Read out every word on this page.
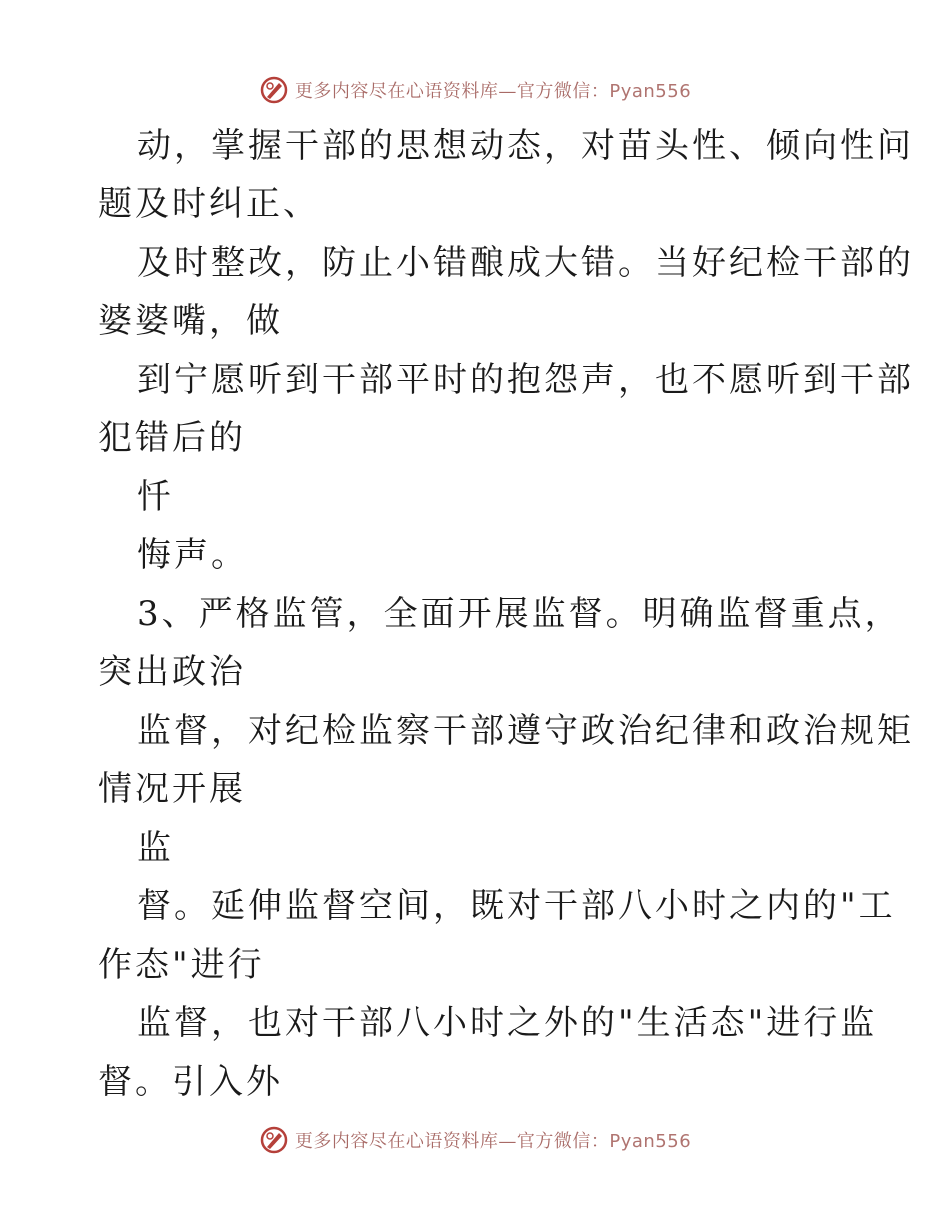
更多内容尽在心语资料库—官方微信：Pyan556
动，掌握干部的思想动态，对苗头性、倾向性问
题及时纠正、
及时整改，防止小错酿成大错。当好纪检干部的
婆婆嘴，做
到宁愿听到干部平时的抱怨声，也不愿听到干部
犯错后的
忏
悔声。
3、严格监管，全面开展监督。明确监督重点，
突出政治
监督，对纪检监察干部遵守政治纪律和政治规矩
情况开展
监
督。延伸监督空间，既对干部八小时之内的"工
作态"进行
监督，也对干部八小时之外的"生活态"进行监
督。引入外
更多内容尽在心语资料库—官方微信：Pyan556
